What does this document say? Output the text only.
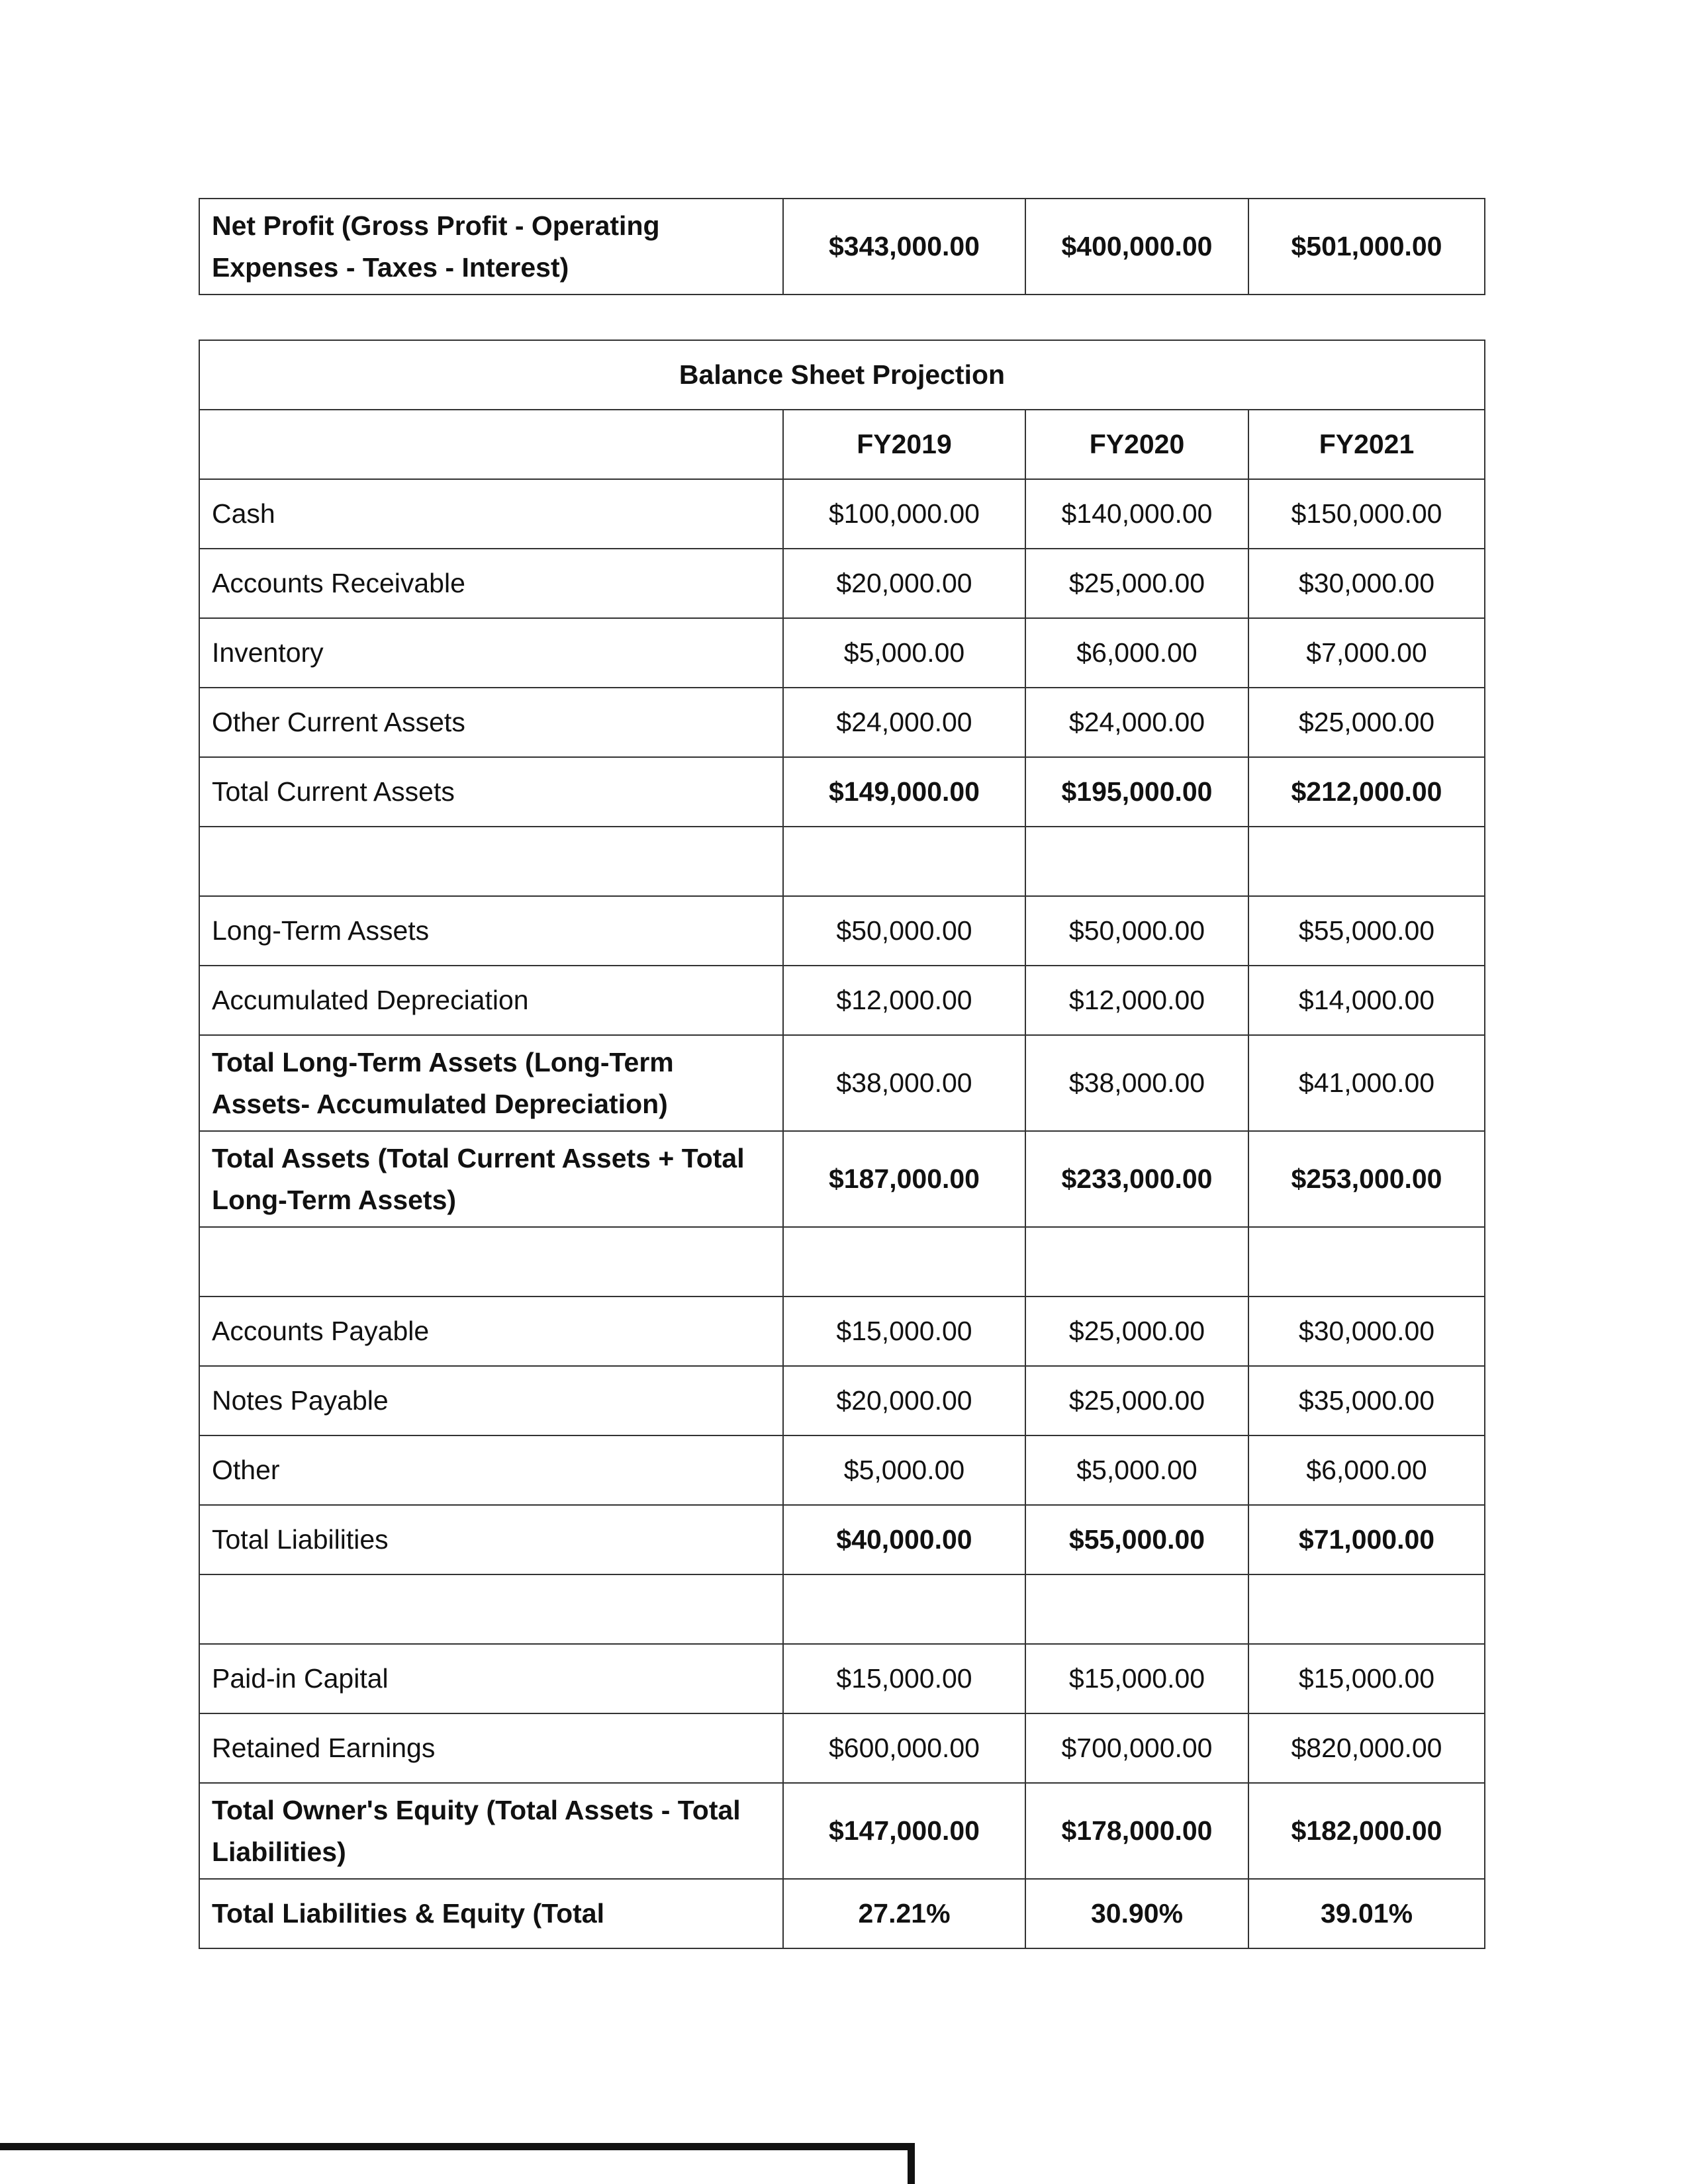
Net Profit (Gross Profit - Operating Expenses - Taxes - Interest)	$343,000.00	$400,000.00	$501,000.00
Balance Sheet Projection			
	FY2019	FY2020	FY2021
Cash	$100,000.00	$140,000.00	$150,000.00
Accounts Receivable	$20,000.00	$25,000.00	$30,000.00
Inventory	$5,000.00	$6,000.00	$7,000.00
Other Current Assets	$24,000.00	$24,000.00	$25,000.00
Total Current Assets	$149,000.00	$195,000.00	$212,000.00

Long-Term Assets	$50,000.00	$50,000.00	$55,000.00
Accumulated Depreciation	$12,000.00	$12,000.00	$14,000.00
Total Long-Term Assets (Long-Term Assets- Accumulated Depreciation)	$38,000.00	$38,000.00	$41,000.00
Total Assets (Total Current Assets + Total Long-Term Assets)	$187,000.00	$233,000.00	$253,000.00

Accounts Payable	$15,000.00	$25,000.00	$30,000.00
Notes Payable	$20,000.00	$25,000.00	$35,000.00
Other	$5,000.00	$5,000.00	$6,000.00
Total Liabilities	$40,000.00	$55,000.00	$71,000.00

Paid-in Capital	$15,000.00	$15,000.00	$15,000.00
Retained Earnings	$600,000.00	$700,000.00	$820,000.00
Total Owner's Equity (Total Assets - Total Liabilities)	$147,000.00	$178,000.00	$182,000.00
Total Liabilities & Equity (Total	27.21%	30.90%	39.01%
